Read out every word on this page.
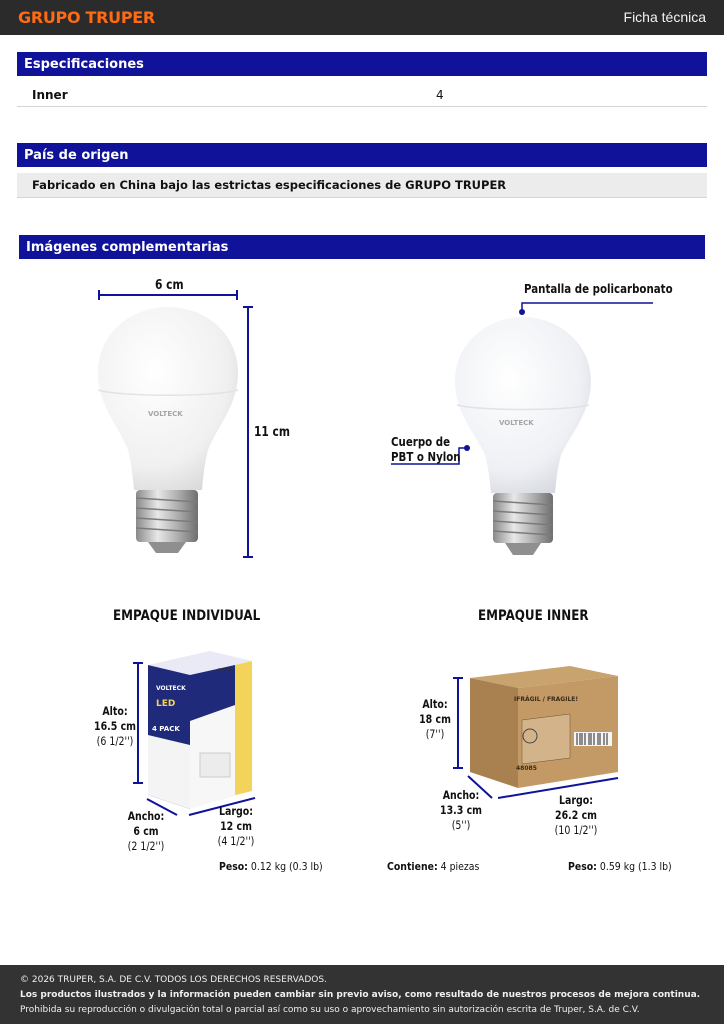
GRUPO TRUPER	Ficha técnica
Especificaciones
Inner	4
País de origen
Fabricado en China bajo las estrictas especificaciones de GRUPO TRUPER
Imágenes complementarias
VOLTECK
6 cm
11 cm
VOLTECK
Pantalla de policarbonato
Cuerpo de
PBT o Nylon
EMPAQUE INDIVIDUAL
VOLTECK
LED
4 PACK
48085
Alto:
16.5 cm
(6 1/2'')
Ancho:
6 cm
(2 1/2'')
Largo:
12 cm
(4 1/2'')
Peso: 0.12 kg (0.3 lb)
EMPAQUE INNER
IFRÁGIL / FRAGILE!
48085
Alto:
18 cm
(7'')
Ancho:
13.3 cm
(5'')
Largo:
26.2 cm
(10 1/2'')
Contiene: 4 piezas	Peso: 0.59 kg (1.3 lb)
© 2026 TRUPER, S.A. DE C.V. TODOS LOS DERECHOS RESERVADOS.
Los productos ilustrados y la información pueden cambiar sin previo aviso, como resultado de nuestros procesos de mejora continua.
Prohibida su reproducción o divulgación total o parcial así como su uso o aprovechamiento sin autorización escrita de Truper, S.A. de C.V.
